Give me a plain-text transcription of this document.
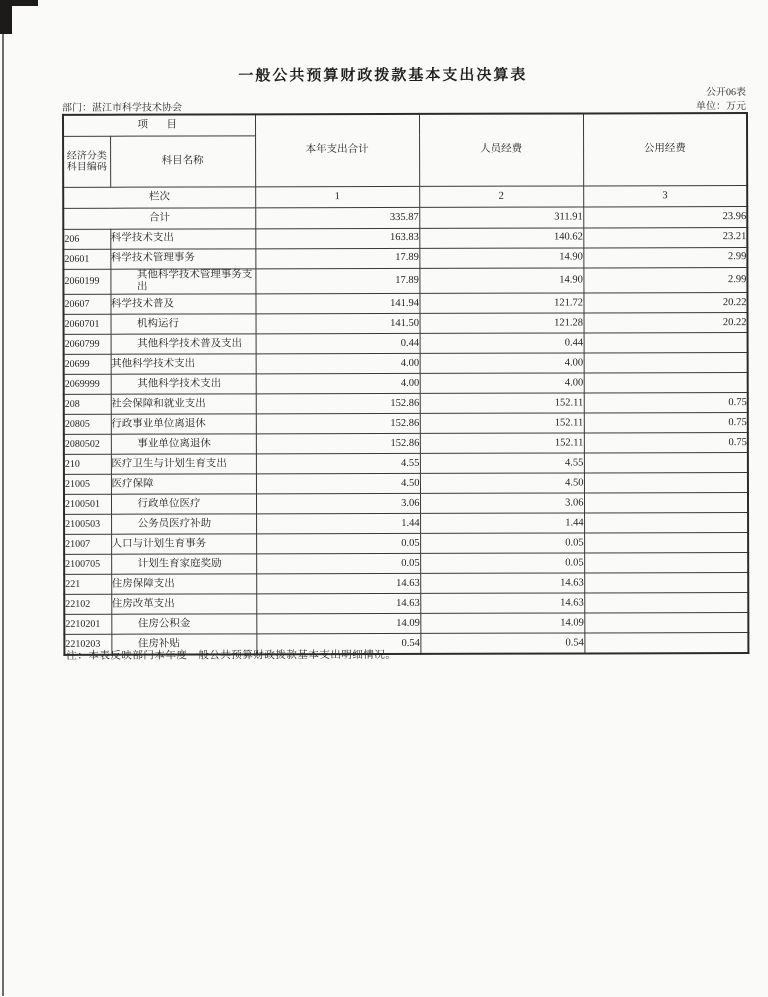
一般公共预算财政拨款基本支出决算表
公开06表
单位：万元
部门：湛江市科学技术协会
项　目		本年支出合计	人员经费	公用经费
经济分类
科目编码	科目名称			
栏次		1	2	3
合计		335.87	311.91	23.96
206	科学技术支出	163.83	140.62	23.21
20601	科学技术管理事务	17.89	14.90	2.99
2060199	其他科学技术管理事务支出	17.89	14.90	2.99
20607	科学技术普及	141.94	121.72	20.22
2060701	机构运行	141.50	121.28	20.22
2060799	其他科学技术普及支出	0.44	0.44	
20699	其他科学技术支出	4.00	4.00	
2069999	其他科学技术支出	4.00	4.00	
208	社会保障和就业支出	152.86	152.11	0.75
20805	行政事业单位离退休	152.86	152.11	0.75
2080502	事业单位离退休	152.86	152.11	0.75
210	医疗卫生与计划生育支出	4.55	4.55	
21005	医疗保障	4.50	4.50	
2100501	行政单位医疗	3.06	3.06	
2100503	公务员医疗补助	1.44	1.44	
21007	人口与计划生育事务	0.05	0.05	
2100705	计划生育家庭奖励	0.05	0.05	
221	住房保障支出	14.63	14.63	
22102	住房改革支出	14.63	14.63	
2210201	住房公积金	14.09	14.09	
2210203	住房补贴	0.54	0.54	
注：本表反映部门本年度一般公共预算财政拨款基本支出明细情况。
